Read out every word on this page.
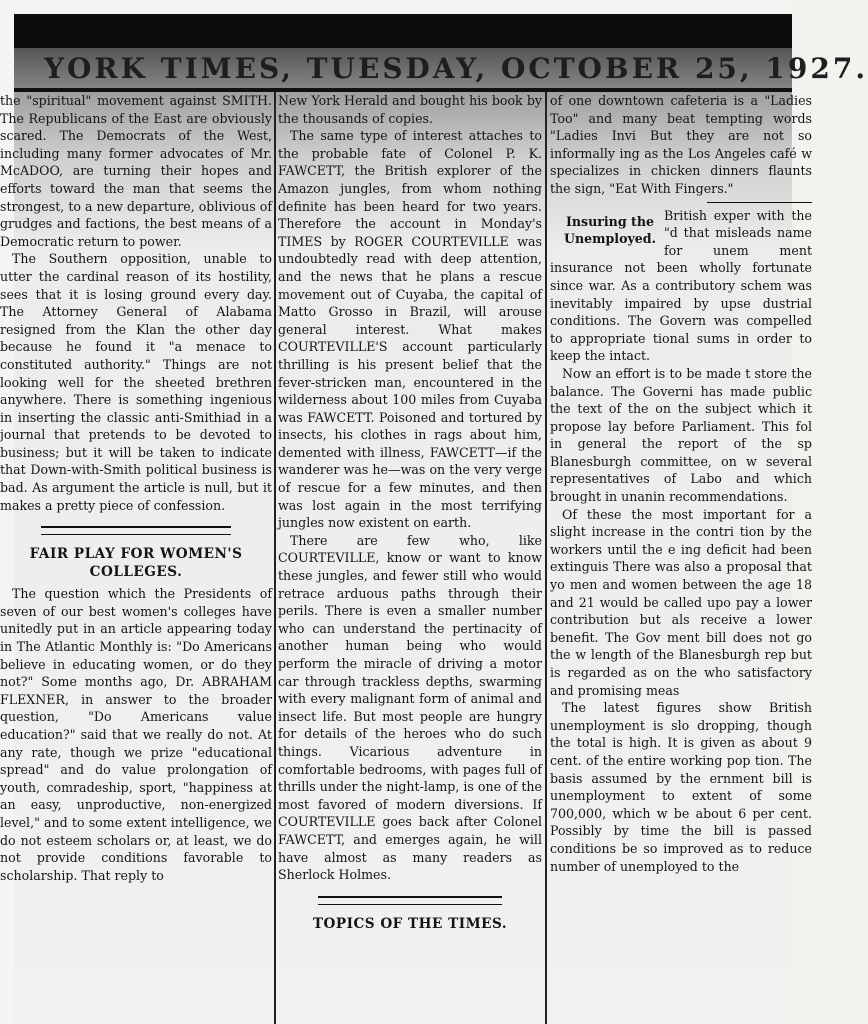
YORK TIMES, TUESDAY, OCTOBER 25, 1927.

the "spiritual" movement against SMITH. The Republicans of the East are obviously scared. The Democrats of the West, including many former advocates of Mr. McADOO, are turning their hopes and efforts toward the man that seems the strongest, to a new departure, oblivious of grudges and factions, the best means of a Democratic return to power.

The Southern opposition, unable to utter the cardinal reason of its hostility, sees that it is losing ground every day. The Attorney General of Alabama resigned from the Klan the other day because he found it "a menace to constituted authority." Things are not looking well for the sheeted brethren anywhere. There is something ingenious in inserting the classic anti-Smithiad in a journal that pretends to be devoted to business; but it will be taken to indicate that Down-with-Smith political business is bad. As argument the article is null, but it makes a pretty piece of confession.

FAIR PLAY FOR WOMEN'S COLLEGES.

The question which the Presidents of seven of our best women's colleges have unitedly put in an article appearing today in The Atlantic Monthly is: "Do Americans believe in educating women, or do they not?" Some months ago, Dr. ABRAHAM FLEXNER, in answer to the broader question, "Do Americans value education?" said that we really do not. At any rate, though we prize "educational spread" and do value prolongation of youth, comradeship, sport, "happiness at an easy, unproductive, non-energized level," and to some extent intelligence, we do not esteem scholars or, at least, we do not provide conditions favorable to scholarship. That reply to

New York Herald and bought his book by the thousands of copies.

The same type of interest attaches to the probable fate of Colonel P. K. FAWCETT, the British explorer of the Amazon jungles, from whom nothing definite has been heard for two years. Therefore the account in Monday's TIMES by ROGER COURTEVILLE was undoubtedly read with deep attention, and the news that he plans a rescue movement out of Cuyaba, the capital of Matto Grosso in Brazil, will arouse general interest. What makes COURTEVILLE'S account particularly thrilling is his present belief that the fever-stricken man, encountered in the wilderness about 100 miles from Cuyaba was FAWCETT. Poisoned and tortured by insects, his clothes in rags about him, demented with illness, FAWCETT—if the wanderer was he—was on the very verge of rescue for a few minutes, and then was lost again in the most terrifying jungles now existent on earth.

There are few who, like COURTEVILLE, know or want to know these jungles, and fewer still who would retrace arduous paths through their perils. There is even a smaller number who can understand the pertinacity of another human being who would perform the miracle of driving a motor car through trackless depths, swarming with every malignant form of animal and insect life. But most people are hungry for details of the heroes who do such things. Vicarious adventure in comfortable bedrooms, with pages full of thrills under the night-lamp, is one of the most favored of modern diversions. If COURTEVILLE goes back after Colonel FAWCETT, and emerges again, he will have almost as many readers as Sherlock Holmes.

TOPICS OF THE TIMES.

of one downtown cafeteria is a "Ladies Too" and many beat tempting words "Ladies Invi But they are not so informally ing as the Los Angeles café w specializes in chicken dinners flaunts the sign, "Eat With Fingers."

Insuring the Unemployed.

British exper with the "d that misleads name for unem ment insurance not been wholly fortunate since war. As a contributory schem was inevitably impaired by upse dustrial conditions. The Govern was compelled to appropriate tional sums in order to keep the intact.

Now an effort is to be made t store the balance. The Governi has made public the text of the on the subject which it propose lay before Parliament. This fol in general the report of the sp Blanesburgh committee, on w several representatives of Labo and which brought in unanin recommendations.

Of these the most important for a slight increase in the contri tion by the workers until the e ing deficit had been extinguis There was also a proposal that yo men and women between the age 18 and 21 would be called upo pay a lower contribution but als receive a lower benefit. The Gov ment bill does not go the w length of the Blanesburgh rep but is regarded as on the who satisfactory and promising meas

The latest figures show British unemployment is slo dropping, though the total is high. It is given as about 9 cent. of the entire working pop tion. The basis assumed by the ernment bill is unemployment to extent of some 700,000, which w be about 6 per cent. Possibly by time the bill is passed conditions be so improved as to reduce number of unemployed to the
